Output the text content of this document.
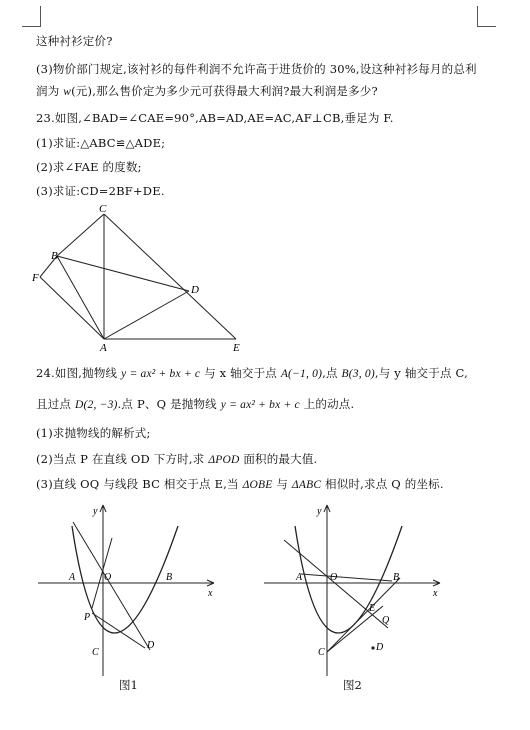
这种衬衫定价?
(3)物价部门规定,该衬衫的每件利润不允许高于进货价的 30%,设这种衬衫每月的总利
润为 w(元),那么售价定为多少元可获得最大利润?最大利润是多少?
23.如图,∠BAD=∠CAE=90°,AB=AD,AE=AC,AF⊥CB,垂足为 F.
(1)求证:△ABC≌△ADE;
(2)求∠FAE 的度数;
(3)求证:CD=2BF+DE.
C
B
F
D
A	E
24.如图,抛物线 y = ax² + bx + c 与 x 轴交于点 A(−1, 0),点 B(3, 0),与 y 轴交于点 C,
且过点 D(2, −3).点 P、Q 是抛物线 y = ax² + bx + c 上的动点.
(1)求抛物线的解析式;
(2)当点 P 在直线 OD 下方时,求 ΔPOD 面积的最大值.
(3)直线 OQ 与线段 BC 相交于点 E,当 ΔOBE 与 ΔABC 相似时,求点 Q 的坐标.
y
x
A	O	B
P
C
D
图1
y
x
A	O	B
E
Q
C	D
图2
